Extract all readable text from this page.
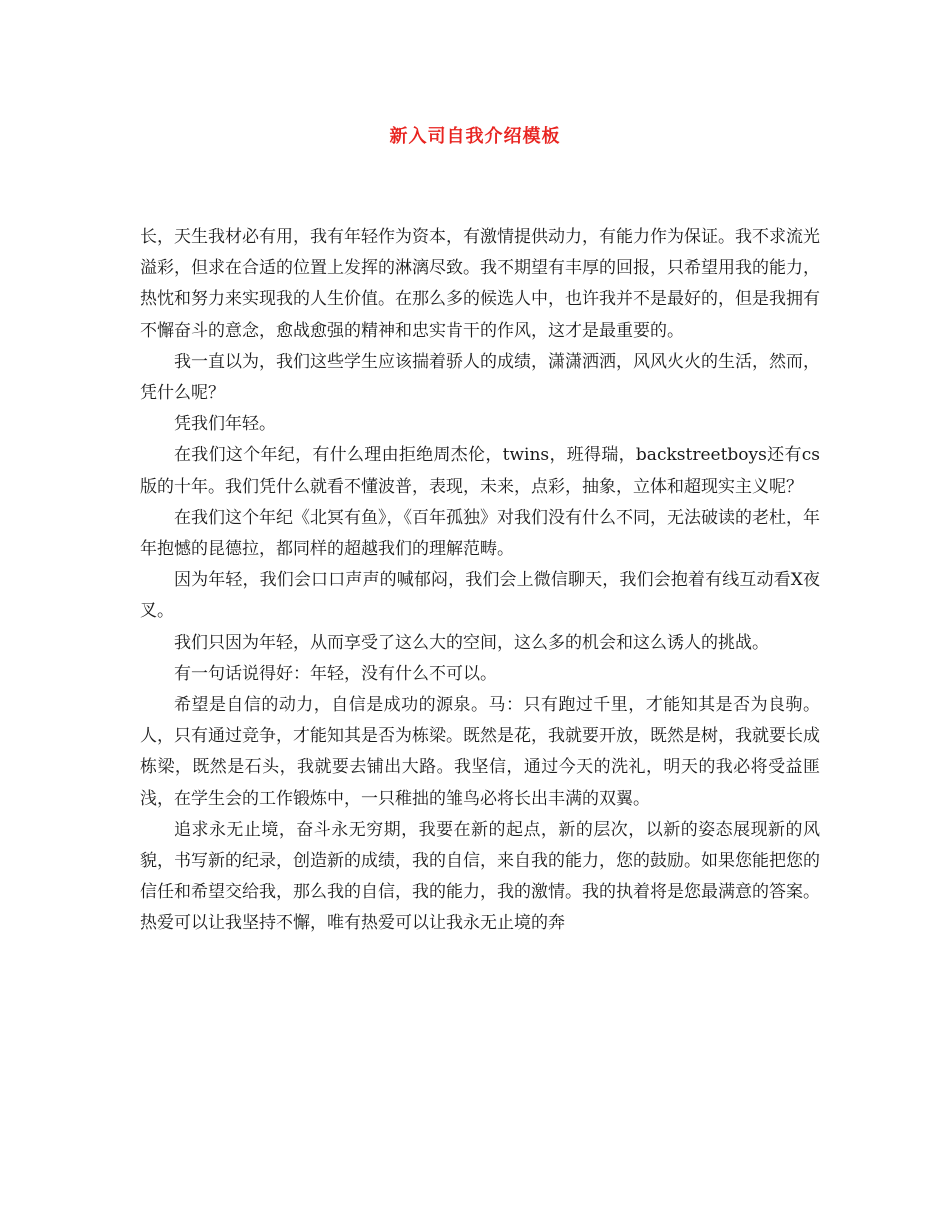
新入司自我介绍模板

长，天生我材必有用，我有年轻作为资本，有激情提供动力，有能力作为保证。我不求流光溢彩，但求在合适的位置上发挥的淋漓尽致。我不期望有丰厚的回报，只希望用我的能力，热忱和努力来实现我的人生价值。在那么多的候选人中，也许我并不是最好的，但是我拥有不懈奋斗的意念，愈战愈强的精神和忠实肯干的作风，这才是最重要的。

我一直以为，我们这些学生应该揣着骄人的成绩，潇潇洒洒，风风火火的生活，然而，凭什么呢？

凭我们年轻。

在我们这个年纪，有什么理由拒绝周杰伦，twins，班得瑞，backstreetboys还有cs版的十年。我们凭什么就看不懂波普，表现，未来，点彩，抽象，立体和超现实主义呢？

在我们这个年纪《北冥有鱼》，《百年孤独》对我们没有什么不同，无法破读的老杜，年年抱憾的昆德拉，都同样的超越我们的理解范畴。

因为年轻，我们会口口声声的喊郁闷，我们会上微信聊天，我们会抱着有线互动看X夜叉。

我们只因为年轻，从而享受了这么大的空间，这么多的机会和这么诱人的挑战。

有一句话说得好：年轻，没有什么不可以。

希望是自信的动力，自信是成功的源泉。马：只有跑过千里，才能知其是否为良驹。人，只有通过竞争，才能知其是否为栋梁。既然是花，我就要开放，既然是树，我就要长成栋梁，既然是石头，我就要去铺出大路。我坚信，通过今天的洗礼，明天的我必将受益匪浅，在学生会的工作锻炼中，一只稚拙的雏鸟必将长出丰满的双翼。

追求永无止境，奋斗永无穷期，我要在新的起点，新的层次，以新的姿态展现新的风貌，书写新的纪录，创造新的成绩，我的自信，来自我的能力，您的鼓励。如果您能把您的信任和希望交给我，那么我的自信，我的能力，我的激情。我的执着将是您最满意的答案。热爱可以让我坚持不懈，唯有热爱可以让我永无止境的奔
